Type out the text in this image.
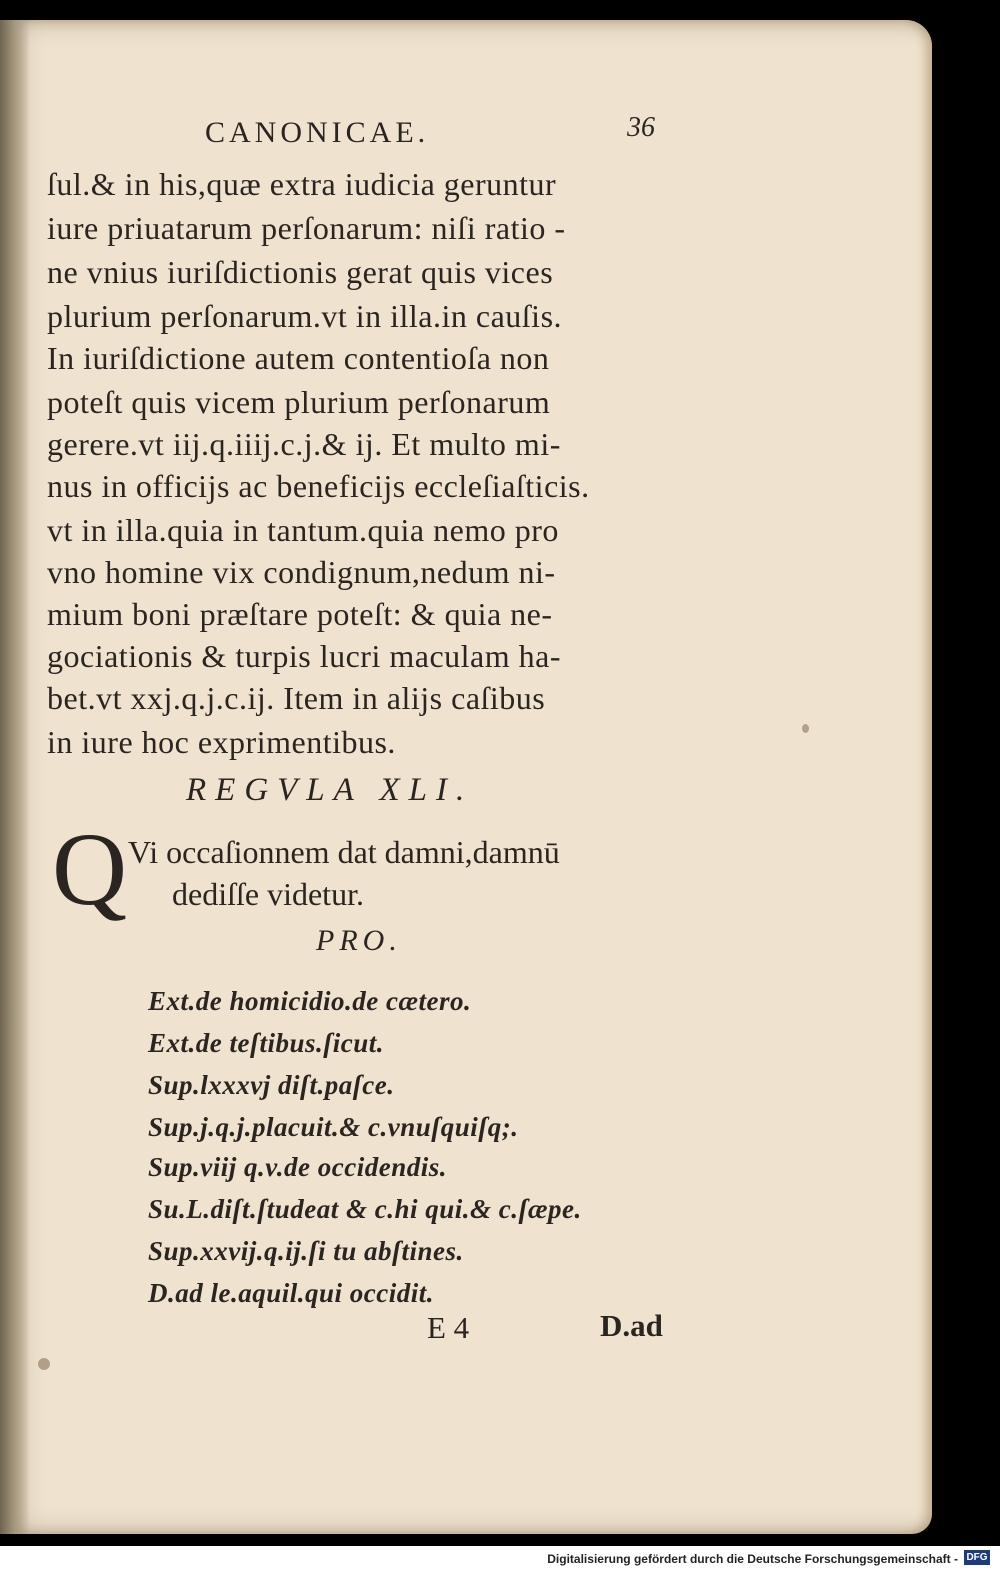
CANONICAE.	36
ſul.& in his,quæ extra iudicia geruntur
iure priuatarum perſonarum: niſi ratio -
ne vnius iuriſdictionis gerat quis vices
plurium perſonarum.vt in illa.in cauſis.
In iuriſdictione autem contentioſa non
poteſt quis vicem plurium perſonarum
gerere.vt iij.q.iiij.c.j.& ij. Et multo mi-
nus in officijs ac beneficijs eccleſiaſticis.
vt in illa.quia in tantum.quia nemo pro
vno homine vix condignum,nedum ni-
mium boni præſtare poteſt: & quia ne-
gociationis & turpis lucri maculam ha-
bet.vt xxj.q.j.c.ij. Item in alijs caſibus
in iure hoc exprimentibus.
REGVLA XLI.
Q Vi occaſionnem dat damni,damnū
dediſſe videtur.
PRO.
Ext.de homicidio.de cætero.
Ext.de teſtibus.ſicut.
Sup.lxxxvj diſt.paſce.
Sup.j.q.j.placuit.& c.vnuſquiſq;.
Sup.viij q.v.de occidendis.
Su.L.diſt.ſtudeat & c.hi qui.& c.ſæpe.
Sup.xxvij.q.ij.ſi tu abſtines.
D.ad le.aquil.qui occidit.
E 4	D.ad
Digitalisierung gefördert durch die Deutsche Forschungsgemeinschaft - DFG
